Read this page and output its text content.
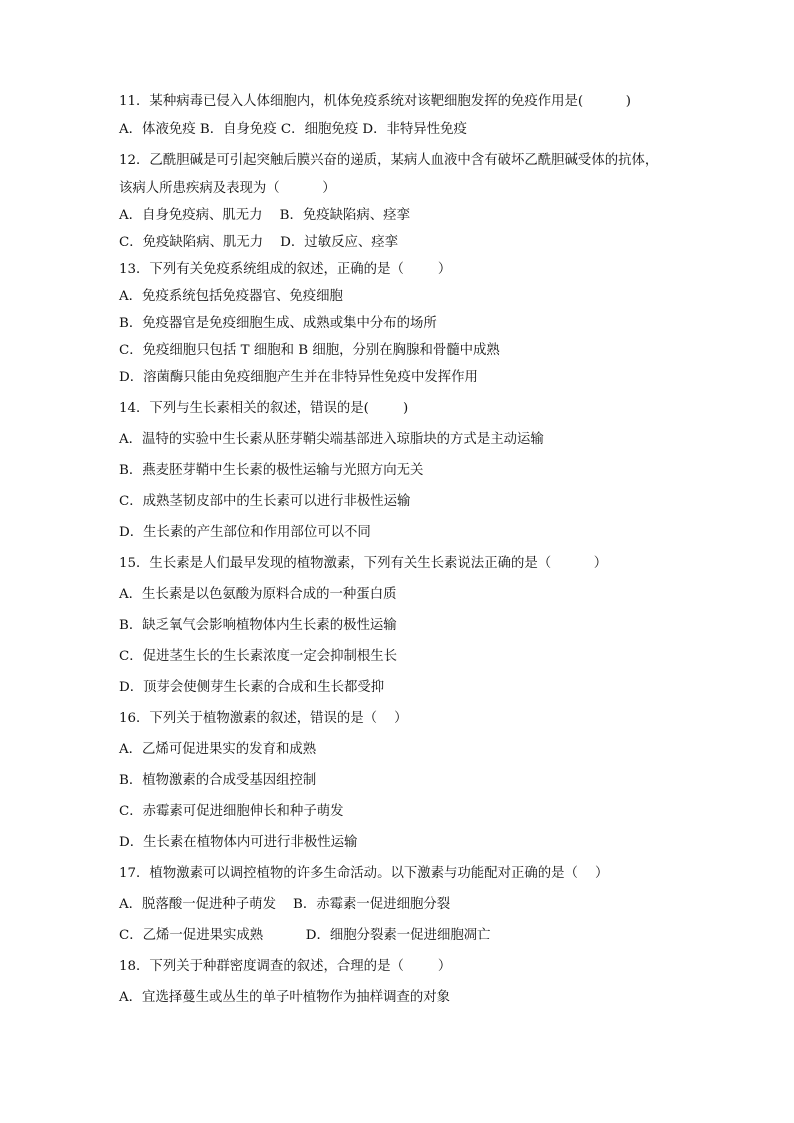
11．某种病毒已侵入人体细胞内，机体免疫系统对该靶细胞发挥的免疫作用是(          )
A．体液免疫 B．自身免疫 C．细胞免疫 D．非特异性免疫
12．乙酰胆碱是可引起突触后膜兴奋的递质，某病人血液中含有破坏乙酰胆碱受体的抗体，
该病人所患疾病及表现为（          ）
A．自身免疫病、肌无力    B．免疫缺陷病、痉挛
C．免疫缺陷病、肌无力    D．过敏反应、痉挛
13．下列有关免疫系统组成的叙述，正确的是（        ）
A．免疫系统包括免疫器官、免疫细胞
B．免疫器官是免疫细胞生成、成熟或集中分布的场所
C．免疫细胞只包括 T 细胞和 B 细胞，分别在胸腺和骨髓中成熟
D．溶菌酶只能由免疫细胞产生并在非特异性免疫中发挥作用
14．下列与生长素相关的叙述，错误的是(        )
A．温特的实验中生长素从胚芽鞘尖端基部进入琼脂块的方式是主动运输
B．燕麦胚芽鞘中生长素的极性运输与光照方向无关
C．成熟茎韧皮部中的生长素可以进行非极性运输
D．生长素的产生部位和作用部位可以不同
15．生长素是人们最早发现的植物激素，下列有关生长素说法正确的是（          ）
A．生长素是以色氨酸为原料合成的一种蛋白质
B．缺乏氧气会影响植物体内生长素的极性运输
C．促进茎生长的生长素浓度一定会抑制根生长
D．顶芽会使侧芽生长素的合成和生长都受抑
16．下列关于植物激素的叙述，错误的是（    ）
A．乙烯可促进果实的发育和成熟
B．植物激素的合成受基因组控制
C．赤霉素可促进细胞伸长和种子萌发
D．生长素在植物体内可进行非极性运输
17．植物激素可以调控植物的许多生命活动。以下激素与功能配对正确的是（    ）
A．脱落酸一促进种子萌发    B．赤霉素一促进细胞分裂
C．乙烯一促进果实成熟          D．细胞分裂素一促进细胞凋亡
18．下列关于种群密度调查的叙述，合理的是（        ）
A．宜选择蔓生或丛生的单子叶植物作为抽样调查的对象
